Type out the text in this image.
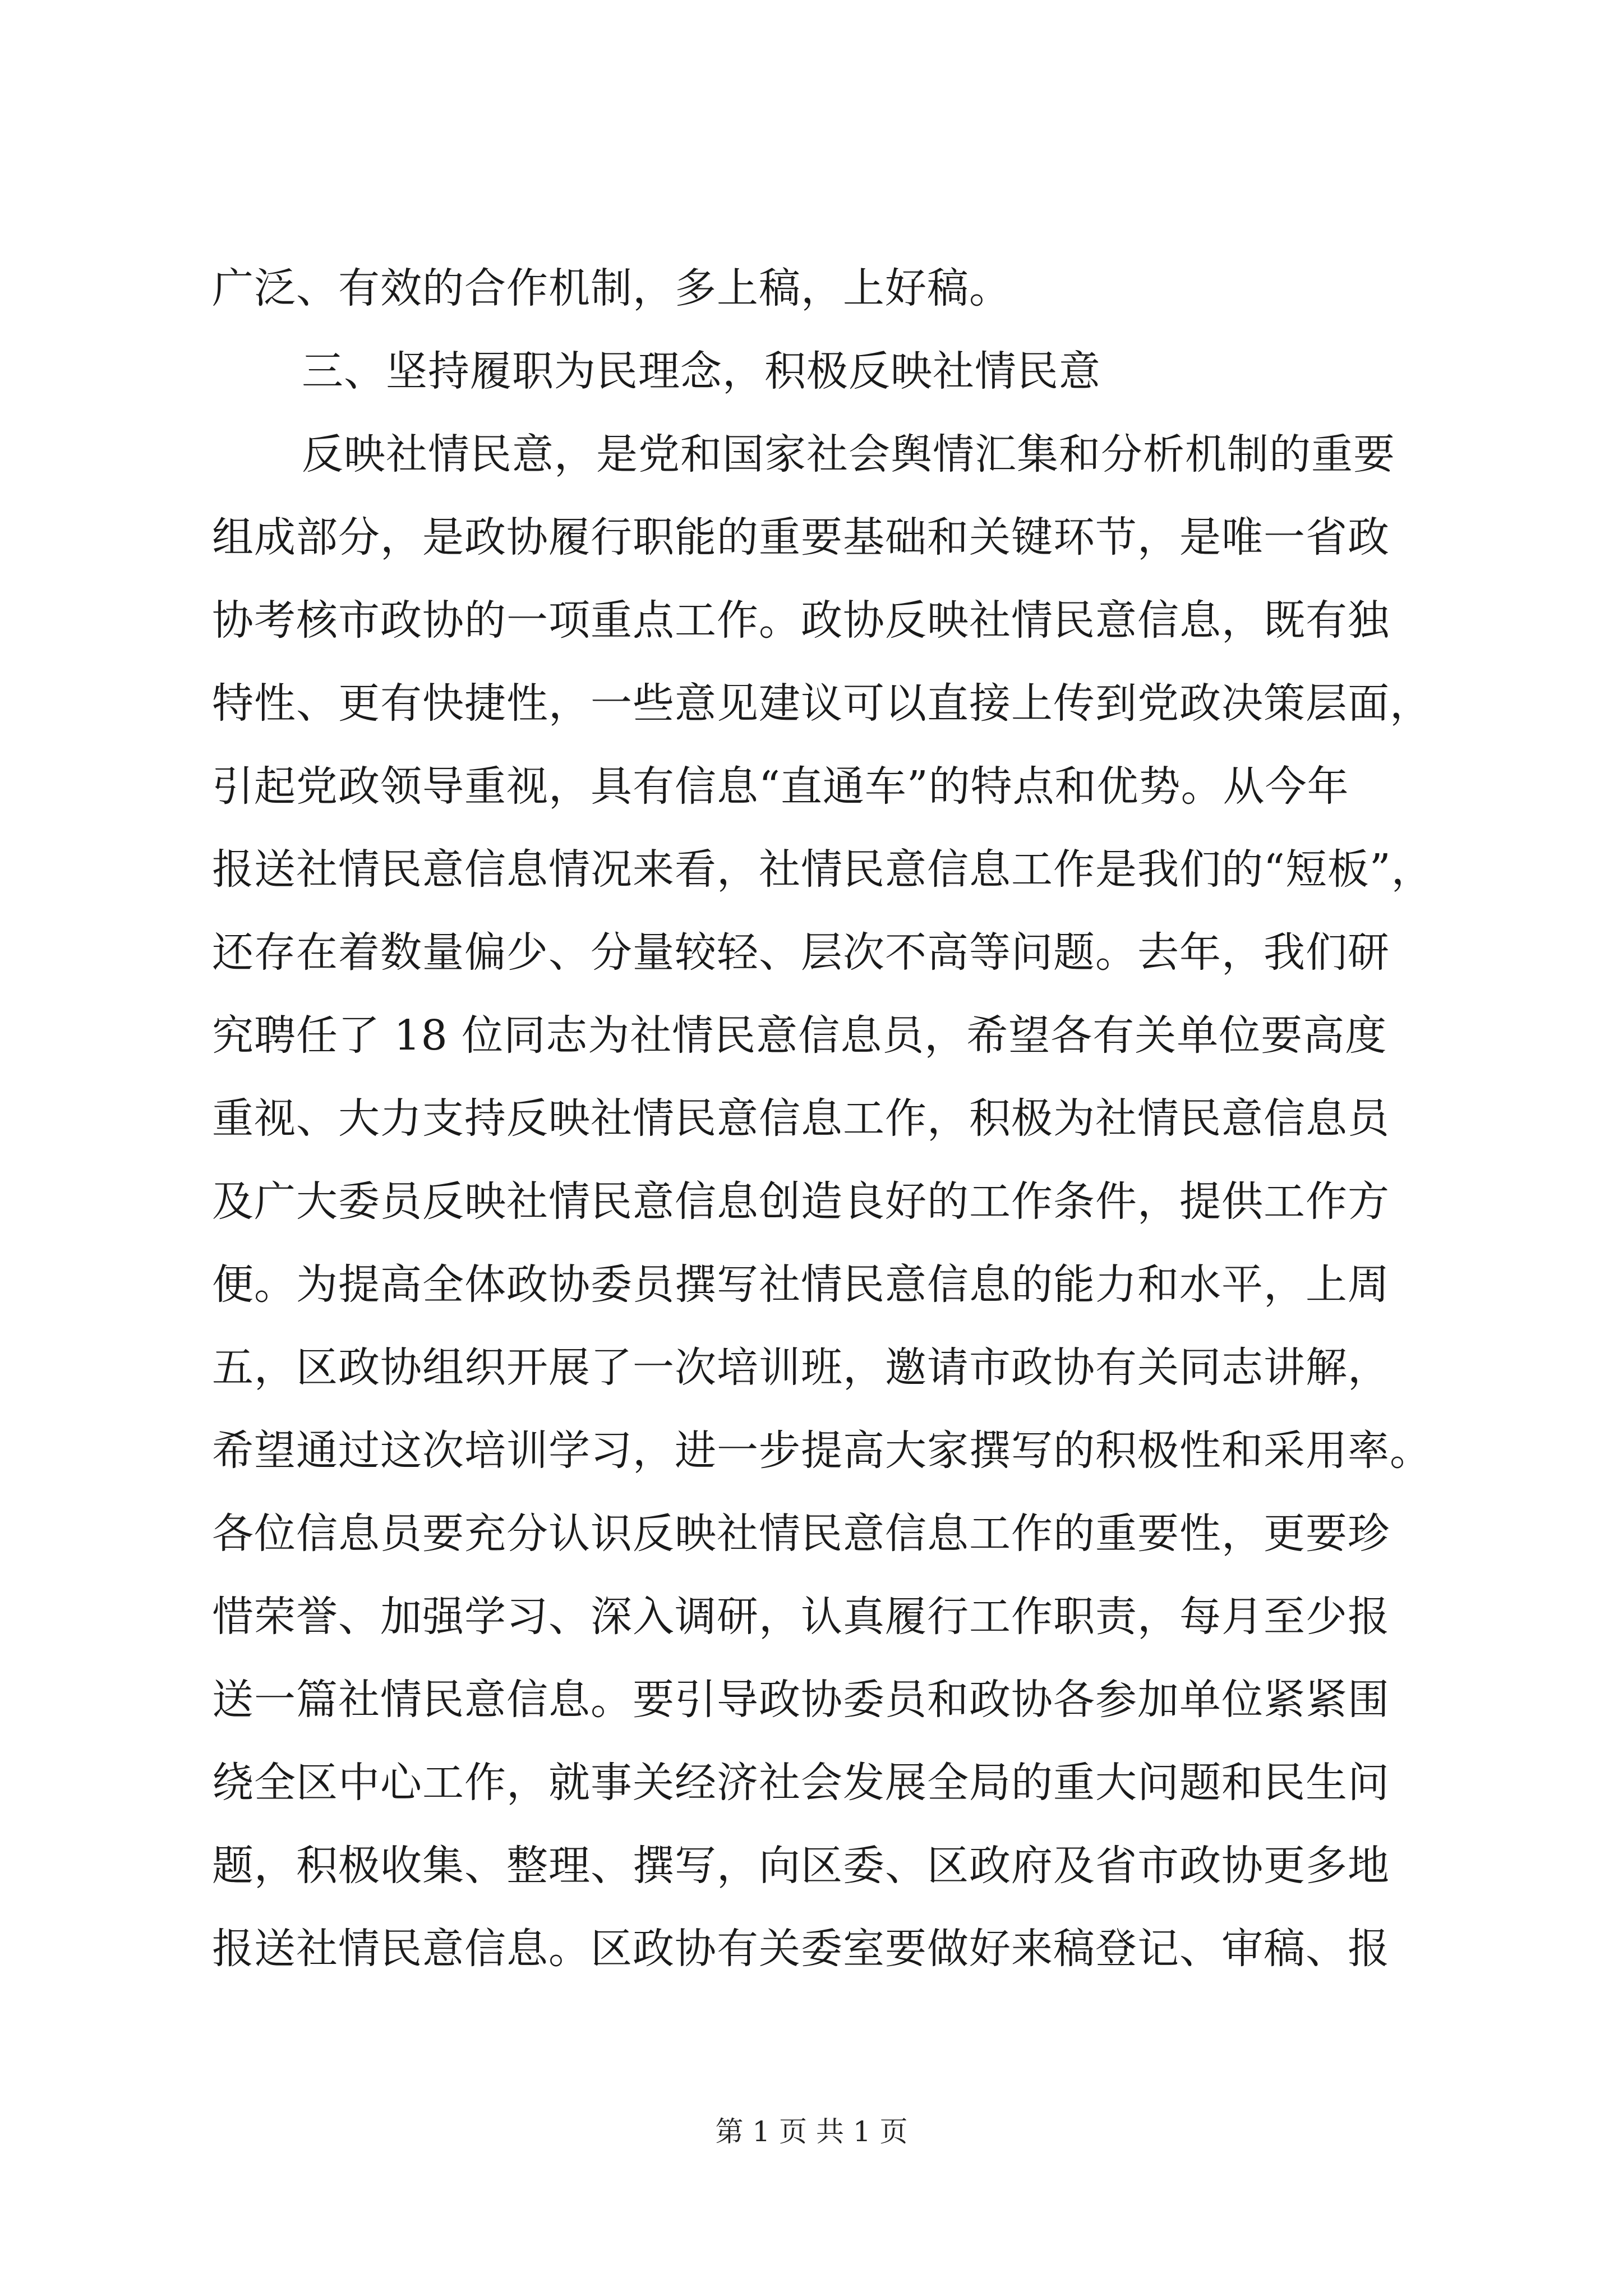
广泛、有效的合作机制，多上稿，上好稿。
三、坚持履职为民理念，积极反映社情民意
反映社情民意，是党和国家社会舆情汇集和分析机制的重要
组成部分，是政协履行职能的重要基础和关键环节，是唯一省政
协考核市政协的一项重点工作。政协反映社情民意信息，既有独
特性、更有快捷性，一些意见建议可以直接上传到党政决策层面，
引起党政领导重视，具有信息“直通车”的特点和优势。从今年
报送社情民意信息情况来看，社情民意信息工作是我们的“短板”，
还存在着数量偏少、分量较轻、层次不高等问题。去年，我们研
究聘任了 18 位同志为社情民意信息员，希望各有关单位要高度
重视、大力支持反映社情民意信息工作，积极为社情民意信息员
及广大委员反映社情民意信息创造良好的工作条件，提供工作方
便。为提高全体政协委员撰写社情民意信息的能力和水平，上周
五，区政协组织开展了一次培训班，邀请市政协有关同志讲解，
希望通过这次培训学习，进一步提高大家撰写的积极性和采用率。
各位信息员要充分认识反映社情民意信息工作的重要性，更要珍
惜荣誉、加强学习、深入调研，认真履行工作职责，每月至少报
送一篇社情民意信息。要引导政协委员和政协各参加单位紧紧围
绕全区中心工作，就事关经济社会发展全局的重大问题和民生问
题，积极收集、整理、撰写，向区委、区政府及省市政协更多地
报送社情民意信息。区政协有关委室要做好来稿登记、审稿、报
第 1 页 共 1 页
